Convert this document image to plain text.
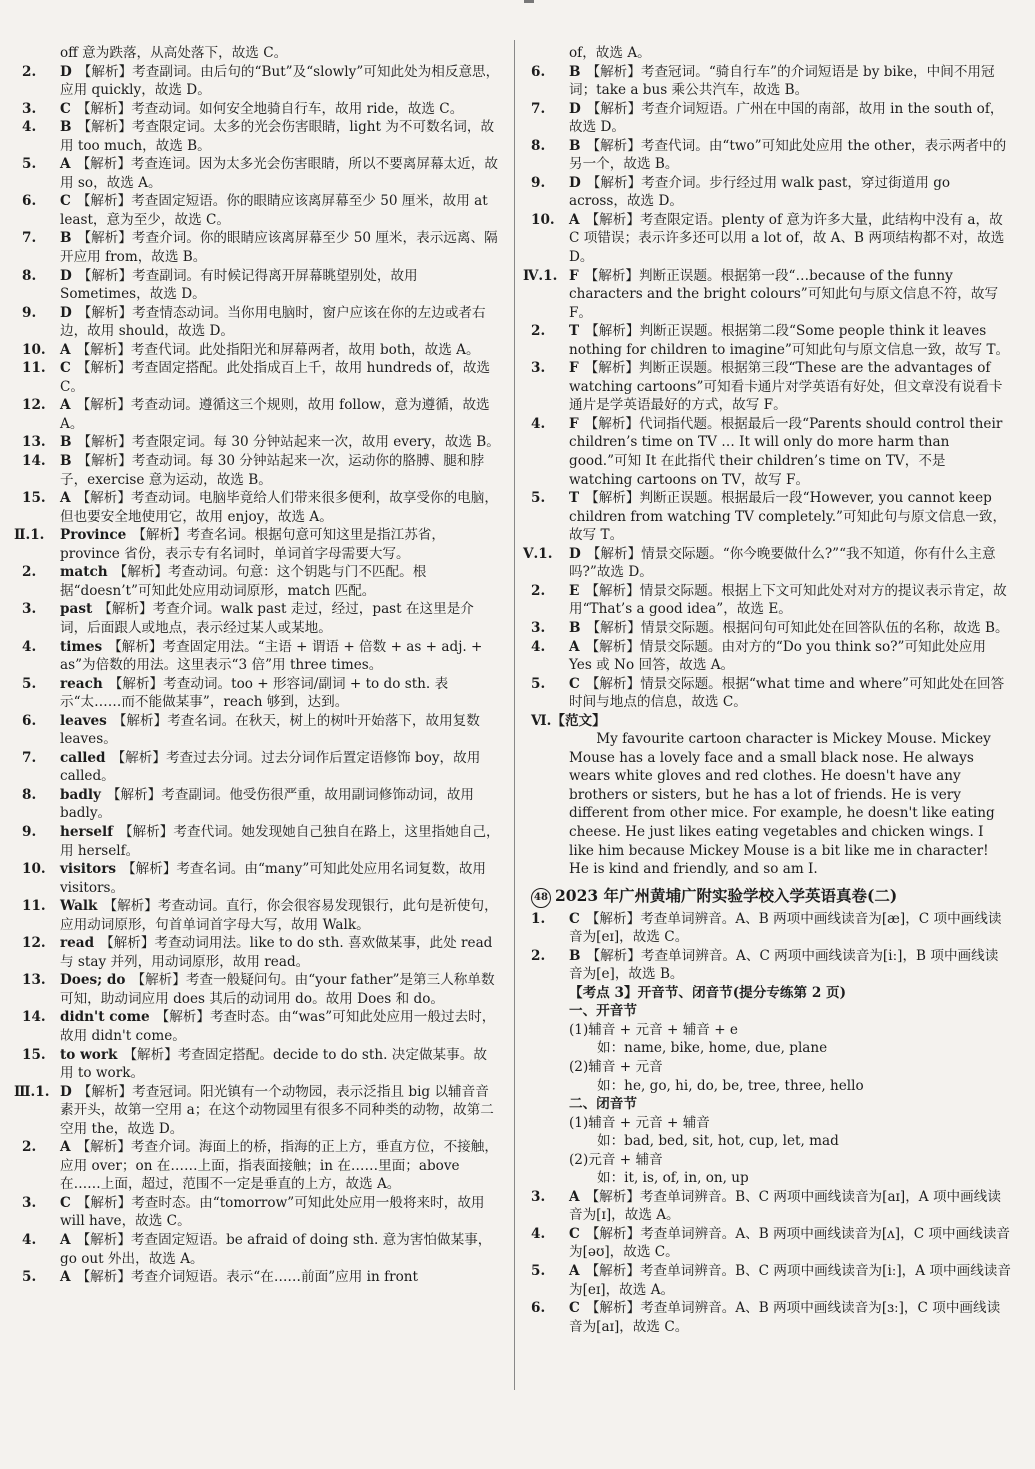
off 意为跌落，从高处落下，故选 C。
2. D 【解析】考查副词。由后句的“But”及“slowly”可知此处为相反意思，应用 quickly，故选 D。
3. C 【解析】考查动词。如何安全地骑自行车，故用 ride，故选 C。
4. B 【解析】考查限定词。太多的光会伤害眼睛，light 为不可数名词，故用 too much，故选 B。
5. A 【解析】考查连词。因为太多光会伤害眼睛，所以不要离屏幕太近，故用 so，故选 A。
6. C 【解析】考查固定短语。你的眼睛应该离屏幕至少 50 厘米，故用 at least，意为至少，故选 C。
7. B 【解析】考查介词。你的眼睛应该离屏幕至少 50 厘米，表示远离、隔开应用 from，故选 B。
8. D 【解析】考查副词。有时候记得离开屏幕眺望别处，故用 Sometimes，故选 D。
9. D 【解析】考查情态动词。当你用电脑时，窗户应该在你的左边或者右边，故用 should，故选 D。
10. A 【解析】考查代词。此处指阳光和屏幕两者，故用 both，故选 A。
11. C 【解析】考查固定搭配。此处指成百上千，故用 hundreds of，故选 C。
12. A 【解析】考查动词。遵循这三个规则，故用 follow，意为遵循，故选 A。
13. B 【解析】考查限定词。每 30 分钟站起来一次，故用 every，故选 B。
14. B 【解析】考查动词。每 30 分钟站起来一次，运动你的胳膊、腿和脖子，exercise 意为运动，故选 B。
15. A 【解析】考查动词。电脑毕竟给人们带来很多便利，故享受你的电脑，但也要安全地使用它，故用 enjoy，故选 A。
Ⅱ.1. Province 【解析】考查名词。根据句意可知这里是指江苏省，province 省份，表示专有名词时，单词首字母需要大写。
2. match 【解析】考查动词。句意：这个钥匙与门不匹配。根据“doesn’t”可知此处应用动词原形，match 匹配。
3. past 【解析】考查介词。walk past 走过，经过，past 在这里是介词，后面跟人或地点，表示经过某人或某地。
4. times 【解析】考查固定用法。“主语 + 谓语 + 倍数 + as + adj. + as”为倍数的用法。这里表示“3 倍”用 three times。
5. reach 【解析】考查动词。too + 形容词/副词 + to do sth. 表示“太……而不能做某事”，reach 够到，达到。
6. leaves 【解析】考查名词。在秋天，树上的树叶开始落下，故用复数 leaves。
7. called 【解析】考查过去分词。过去分词作后置定语修饰 boy，故用 called。
8. badly 【解析】考查副词。他受伤很严重，故用副词修饰动词，故用 badly。
9. herself 【解析】考查代词。她发现她自己独自在路上，这里指她自己，用 herself。
10. visitors 【解析】考查名词。由“many”可知此处应用名词复数，故用 visitors。
11. Walk 【解析】考查动词。直行，你会很容易发现银行，此句是祈使句，应用动词原形，句首单词首字母大写，故用 Walk。
12. read 【解析】考查动词用法。like to do sth. 喜欢做某事，此处 read 与 stay 并列，用动词原形，故用 read。
13. Does; do 【解析】考查一般疑问句。由“your father”是第三人称单数可知，助动词应用 does 其后的动词用 do。故用 Does 和 do。
14. didn't come 【解析】考查时态。由“was”可知此处应用一般过去时，故用 didn't come。
15. to work 【解析】考查固定搭配。decide to do sth. 决定做某事。故用 to work。
Ⅲ.1. D 【解析】考查冠词。阳光镇有一个动物园，表示泛指且 big 以辅音音素开头，故第一空用 a；在这个动物园里有很多不同种类的动物，故第二空用 the，故选 D。
2. A 【解析】考查介词。海面上的桥，指海的正上方，垂直方位，不接触，应用 over；on 在……上面，指表面接触；in 在……里面；above 在……上面，超过，范围不一定是垂直的上方，故选 A。
3. C 【解析】考查时态。由“tomorrow”可知此处应用一般将来时，故用 will have，故选 C。
4. A 【解析】考查固定短语。be afraid of doing sth. 意为害怕做某事，go out 外出，故选 A。
5. A 【解析】考查介词短语。表示“在……前面”应用 in front
of，故选 A。
6. B 【解析】考查冠词。“骑自行车”的介词短语是 by bike，中间不用冠词；take a bus 乘公共汽车，故选 B。
7. D 【解析】考查介词短语。广州在中国的南部，故用 in the south of，故选 D。
8. B 【解析】考查代词。由“two”可知此处应用 the other，表示两者中的另一个，故选 B。
9. D 【解析】考查介词。步行经过用 walk past，穿过街道用 go across，故选 D。
10. A 【解析】考查限定语。plenty of 意为许多大量，此结构中没有 a，故 C 项错误；表示许多还可以用 a lot of，故 A、B 两项结构都不对，故选 D。
Ⅳ.1. F 【解析】判断正误题。根据第一段“…because of the funny characters and the bright colours”可知此句与原文信息不符，故写 F。
2. T 【解析】判断正误题。根据第二段“Some people think it leaves nothing for children to imagine”可知此句与原文信息一致，故写 T。
3. F 【解析】判断正误题。根据第三段“These are the advantages of watching cartoons”可知看卡通片对学英语有好处，但文章没有说看卡通片是学英语最好的方式，故写 F。
4. F 【解析】代词指代题。根据最后一段“Parents should control their children’s time on TV … It will only do more harm than good.”可知 It 在此指代 their children’s time on TV，不是 watching cartoons on TV，故写 F。
5. T 【解析】判断正误题。根据最后一段“However, you cannot keep children from watching TV completely.”可知此句与原文信息一致，故写 T。
Ⅴ.1. D 【解析】情景交际题。“你今晚要做什么?”“我不知道，你有什么主意吗?”故选 D。
2. E 【解析】情景交际题。根据上下文可知此处对对方的提议表示肯定，故用“That’s a good idea”，故选 E。
3. B 【解析】情景交际题。根据问句可知此处在回答队伍的名称，故选 B。
4. A 【解析】情景交际题。由对方的“Do you think so?”可知此处应用 Yes 或 No 回答，故选 A。
5. C 【解析】情景交际题。根据“what time and where”可知此处在回答时间与地点的信息，故选 C。
Ⅵ.【范文】
My favourite cartoon character is Mickey Mouse. Mickey Mouse has a lovely face and a small black nose. He always wears white gloves and red clothes. He doesn't have any brothers or sisters, but he has a lot of friends. He is very different from other mice. For example, he doesn't like eating cheese. He just likes eating vegetables and chicken wings. I like him because Mickey Mouse is a bit like me in character! He is kind and friendly, and so am I.
48 2023 年广州黄埔广附实验学校入学英语真卷(二)
1. C 【解析】考查单词辨音。A、B 两项中画线读音为[æ]，C 项中画线读音为[eɪ]，故选 C。
2. B 【解析】考查单词辨音。A、C 两项中画线读音为[iː]，B 项中画线读音为[e]，故选 B。
【考点 3】开音节、闭音节(提分专练第 2 页)
一、开音节
(1)辅音 + 元音 + 辅音 + e
如：name, bike, home, due, plane
(2)辅音 + 元音
如：he, go, hi, do, be, tree, three, hello
二、闭音节
(1)辅音 + 元音 + 辅音
如：bad, bed, sit, hot, cup, let, mad
(2)元音 + 辅音
如：it, is, of, in, on, up
3. A 【解析】考查单词辨音。B、C 两项中画线读音为[aɪ]，A 项中画线读音为[ɪ]，故选 A。
4. C 【解析】考查单词辨音。A、B 两项中画线读音为[ʌ]，C 项中画线读音为[əʊ]，故选 C。
5. A 【解析】考查单词辨音。B、C 两项中画线读音为[iː]，A 项中画线读音为[eɪ]，故选 A。
6. C 【解析】考查单词辨音。A、B 两项中画线读音为[ɜː]，C 项中画线读音为[aɪ]，故选 C。
